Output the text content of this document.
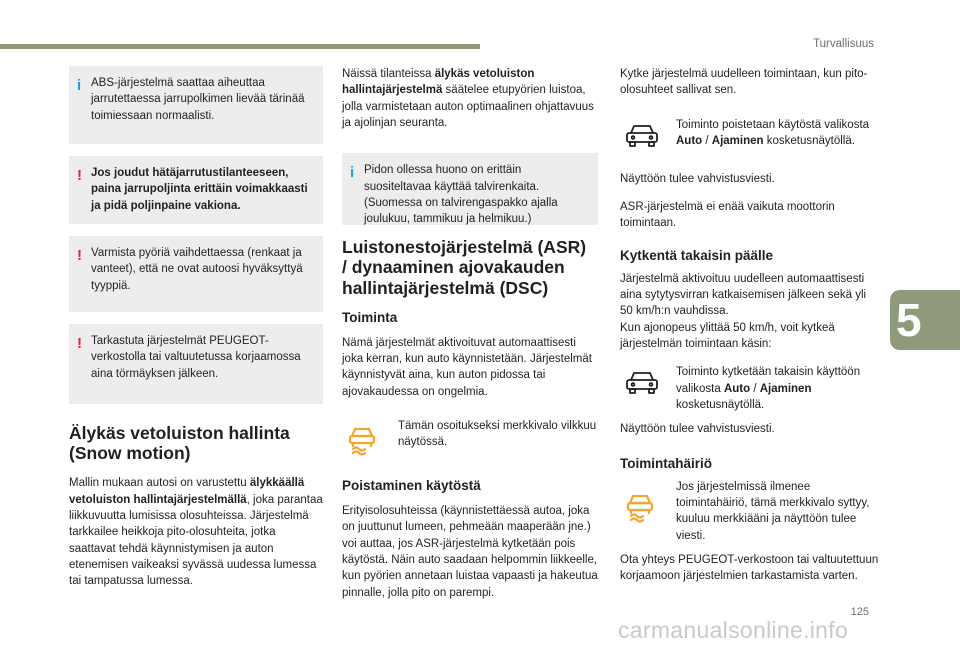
Turvallisuus
5
i ABS-järjestelmä saattaa aiheuttaa jarrutettaessa jarrupolkimen lievää tärinää toimiessaan normaalisti.
! Jos joudut hätäjarrutustilanteeseen, paina jarrupoljinta erittäin voimakkaasti ja pidä poljinpaine vakiona.
! Varmista pyöriä vaihdettaessa (renkaat ja vanteet), että ne ovat autoosi hyväksyttyä tyyppiä.
! Tarkastuta järjestelmät PEUGEOT-verkostolla tai valtuutetussa korjaamossa aina törmäyksen jälkeen.
Älykäs vetoluiston hallinta
(Snow motion)

Mallin mukaan autosi on varustettu älykkäällä vetoluiston hallintajärjestelmällä, joka parantaa liikkuvuutta lumisissa olosuhteissa. Järjestelmä tarkkailee heikkoja pito-olosuhteita, jotka saattavat tehdä käynnistymisen ja auton etenemisen vaikeaksi syvässä uudessa lumessa tai tampatussa lumessa.

Näissä tilanteissa älykäs vetoluiston hallintajärjestelmä säätelee etupyörien luistoa, jolla varmistetaan auton optimaalinen ohjattavuus ja ajolinjan seuranta.

i Pidon ollessa huono on erittäin suositeltavaa käyttää talvirenkaita. (Suomessa on talvirengaspakko ajalla joulukuu, tammikuu ja helmikuu.)
Luistonestojärjestelmä (ASR)
/ dynaaminen ajovakauden
hallintajärjestelmä (DSC)
Toiminta

Nämä järjestelmät aktivoituvat automaattisesti joka kerran, kun auto käynnistetään. Järjestelmät käynnistyvät aina, kun auton pidossa tai ajovakaudessa on ongelmia.

Tämän osoitukseksi merkkivalo vilkkuu näytössä.

Poistaminen käytöstä

Erityisolosuhteissa (käynnistettäessä autoa, joka on juuttunut lumeen, pehmeään maaperään jne.) voi auttaa, jos ASR-järjestelmä kytketään pois käytöstä. Näin auto saadaan helpommin liikkeelle, kun pyörien annetaan luistaa vapaasti ja hakeutua pinnalle, jolla pito on parempi.

Kytke järjestelmä uudelleen toimintaan, kun pito-olosuhteet sallivat sen.

Toiminto poistetaan käytöstä valikosta Auto / Ajaminen kosketusnäytöllä.

Näyttöön tulee vahvistusviesti.

ASR-järjestelmä ei enää vaikuta moottorin toimintaan.

Kytkentä takaisin päälle

Järjestelmä aktivoituu uudelleen automaattisesti aina sytytysvirran katkaisemisen jälkeen sekä yli 50 km/h:n vauhdissa.

Kun ajonopeus ylittää 50 km/h, voit kytkeä järjestelmän toimintaan käsin:

Toiminto kytketään takaisin käyttöön valikosta Auto / Ajaminen kosketusnäytöllä.

Näyttöön tulee vahvistusviesti.

Toimintahäiriö

Jos järjestelmissä ilmenee toimintahäiriö, tämä merkkivalo syttyy, kuuluu merkkiääni ja näyttöön tulee viesti.

Ota yhteys PEUGEOT-verkostoon tai valtuutettuun korjaamoon järjestelmien tarkastamista varten.

125
carmanualsonline.info
